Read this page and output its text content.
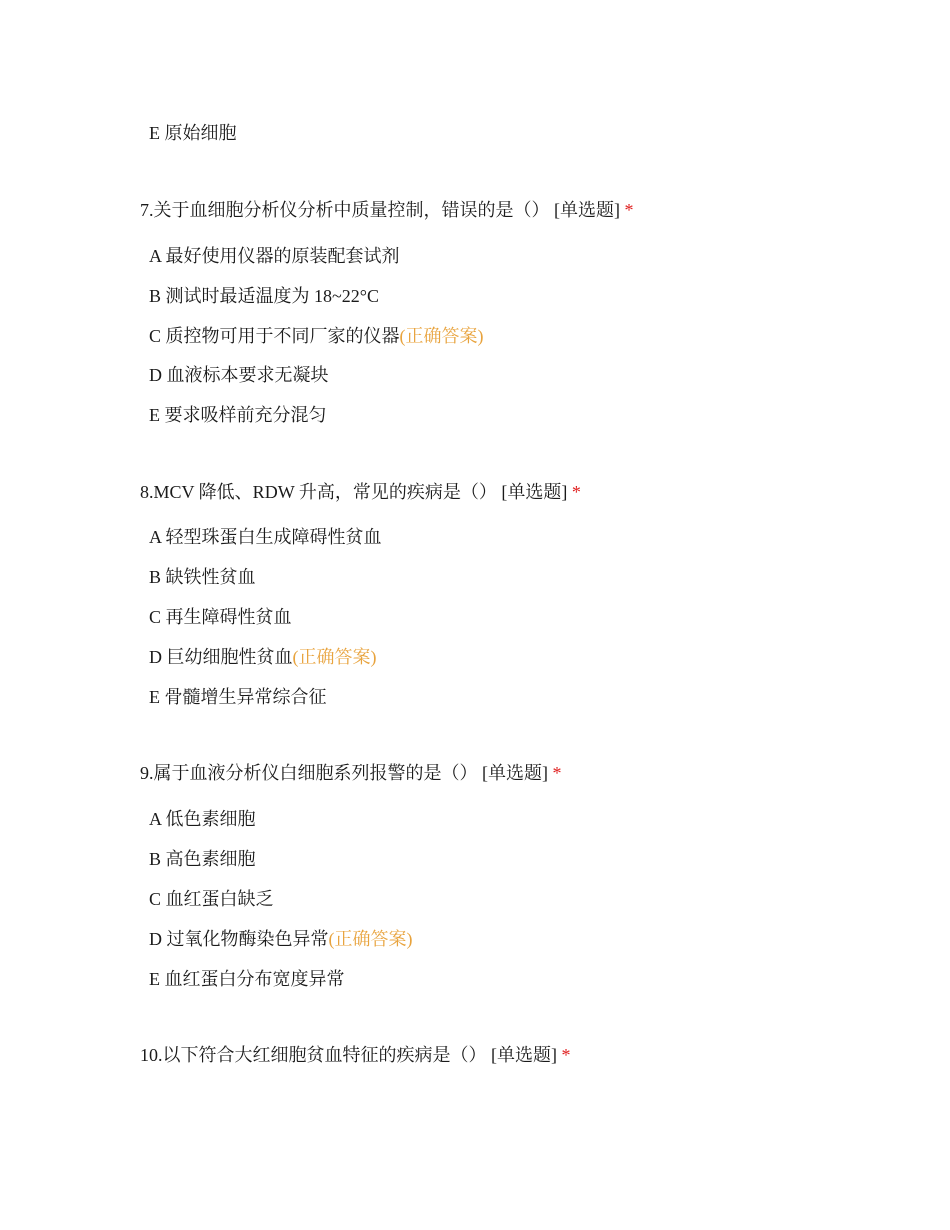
E 原始细胞
7.关于血细胞分析仪分析中质量控制，错误的是（） [单选题] *
A 最好使用仪器的原装配套试剂
B 测试时最适温度为 18~22°C
C 质控物可用于不同厂家的仪器(正确答案)
D 血液标本要求无凝块
E 要求吸样前充分混匀
8.MCV 降低、RDW 升高，常见的疾病是（） [单选题] *
A 轻型珠蛋白生成障碍性贫血
B 缺铁性贫血
C 再生障碍性贫血
D 巨幼细胞性贫血(正确答案)
E 骨髓增生异常综合征
9.属于血液分析仪白细胞系列报警的是（） [单选题] *
A 低色素细胞
B 高色素细胞
C 血红蛋白缺乏
D 过氧化物酶染色异常(正确答案)
E 血红蛋白分布宽度异常
10.以下符合大红细胞贫血特征的疾病是（） [单选题] *
